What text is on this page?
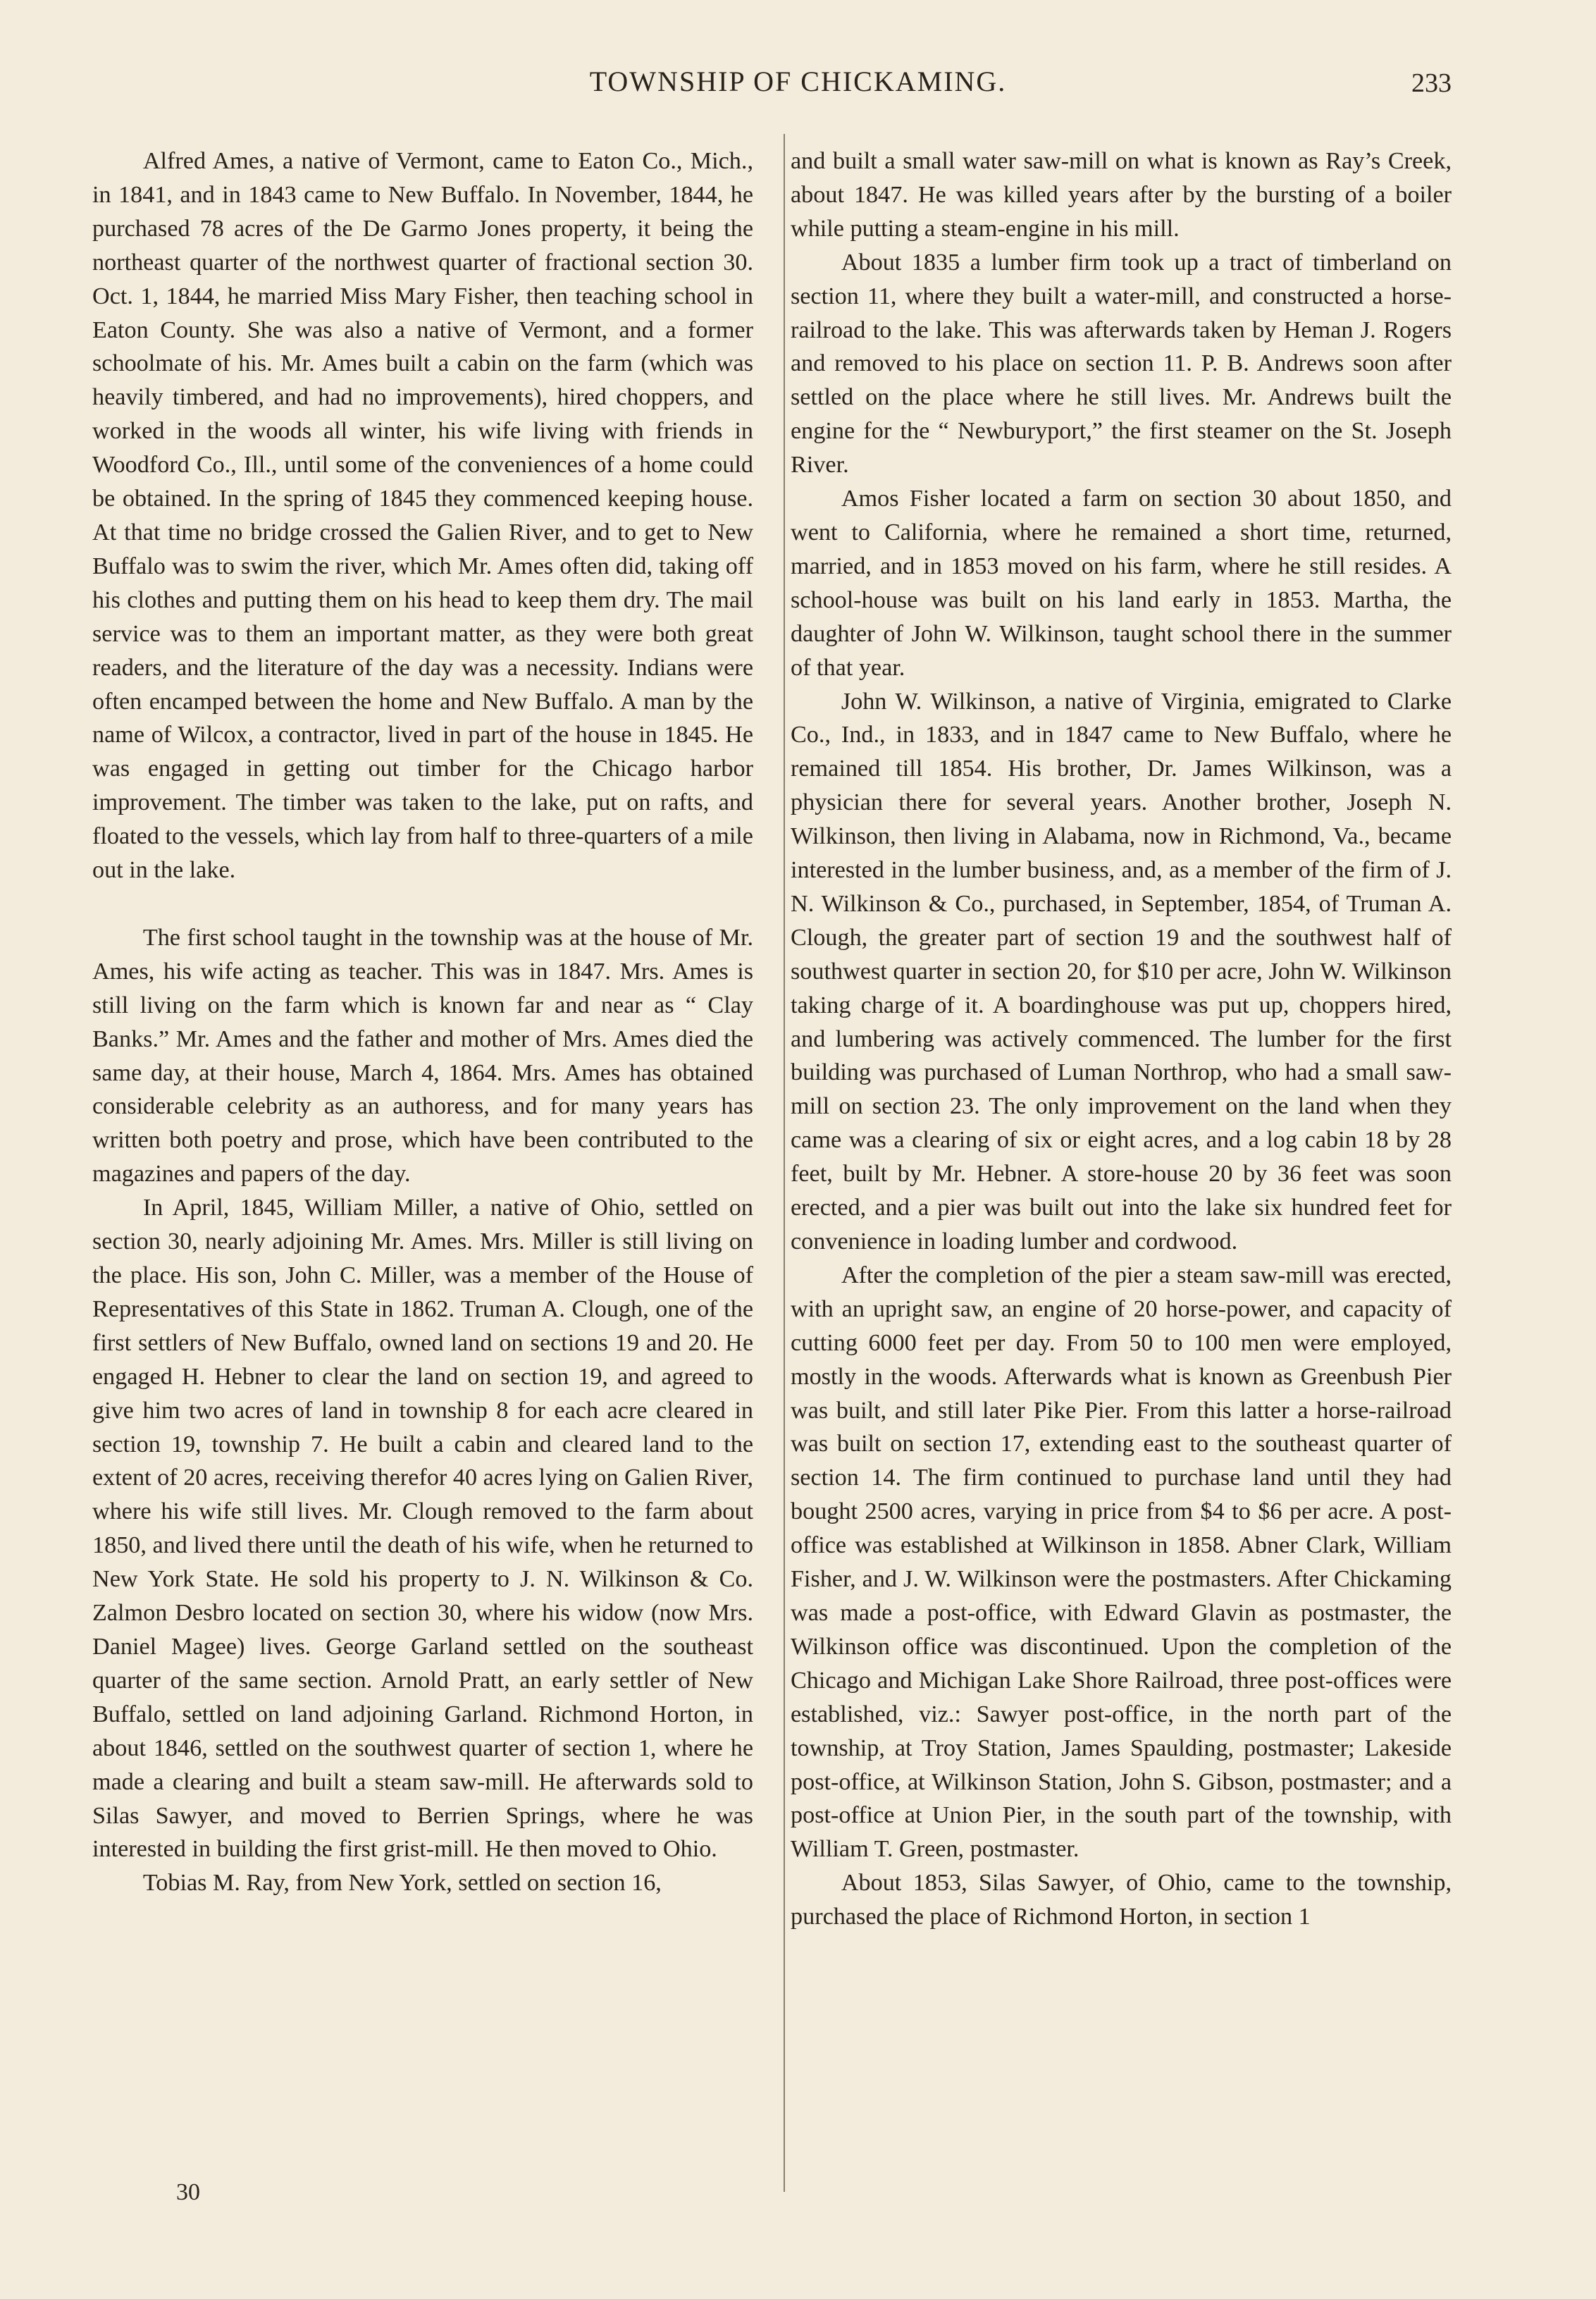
TOWNSHIP OF CHICKAMING.	233

Alfred Ames, a native of Vermont, came to Eaton Co., Mich., in 1841, and in 1843 came to New Buffalo. In November, 1844, he purchased 78 acres of the De Garmo Jones property, it being the northeast quarter of the northwest quarter of fractional section 30. Oct. 1, 1844, he married Miss Mary Fisher, then teaching school in Eaton County. She was also a native of Vermont, and a former schoolmate of his. Mr. Ames built a cabin on the farm (which was heavily timbered, and had no improvements), hired choppers, and worked in the woods all winter, his wife living with friends in Woodford Co., Ill., until some of the conveniences of a home could be obtained. In the spring of 1845 they commenced keeping house. At that time no bridge crossed the Galien River, and to get to New Buffalo was to swim the river, which Mr. Ames often did, taking off his clothes and putting them on his head to keep them dry. The mail service was to them an important matter, as they were both great readers, and the literature of the day was a necessity. Indians were often encamped between the home and New Buffalo. A man by the name of Wilcox, a contractor, lived in part of the house in 1845. He was engaged in getting out timber for the Chicago harbor improvement. The timber was taken to the lake, put on rafts, and floated to the vessels, which lay from half to three-quarters of a mile out in the lake.

The first school taught in the township was at the house of Mr. Ames, his wife acting as teacher. This was in 1847. Mrs. Ames is still living on the farm which is known far and near as “ Clay Banks.” Mr. Ames and the father and mother of Mrs. Ames died the same day, at their house, March 4, 1864. Mrs. Ames has obtained considerable celebrity as an authoress, and for many years has written both poetry and prose, which have been contributed to the magazines and papers of the day.

In April, 1845, William Miller, a native of Ohio, settled on section 30, nearly adjoining Mr. Ames. Mrs. Miller is still living on the place. His son, John C. Miller, was a member of the House of Representatives of this State in 1862. Truman A. Clough, one of the first settlers of New Buffalo, owned land on sections 19 and 20. He engaged H. Hebner to clear the land on section 19, and agreed to give him two acres of land in township 8 for each acre cleared in section 19, township 7. He built a cabin and cleared land to the extent of 20 acres, receiving therefor 40 acres lying on Galien River, where his wife still lives. Mr. Clough removed to the farm about 1850, and lived there until the death of his wife, when he returned to New York State. He sold his property to J. N. Wilkinson & Co. Zalmon Desbro located on section 30, where his widow (now Mrs. Daniel Magee) lives. George Garland settled on the southeast quarter of the same section. Arnold Pratt, an early settler of New Buffalo, settled on land adjoining Garland. Richmond Horton, in about 1846, settled on the southwest quarter of section 1, where he made a clearing and built a steam saw-mill. He afterwards sold to Silas Sawyer, and moved to Berrien Springs, where he was interested in building the first grist-mill. He then moved to Ohio.

Tobias M. Ray, from New York, settled on section 16,

30

and built a small water saw-mill on what is known as Ray’s Creek, about 1847. He was killed years after by the bursting of a boiler while putting a steam-engine in his mill.

About 1835 a lumber firm took up a tract of timberland on section 11, where they built a water-mill, and constructed a horse-railroad to the lake. This was afterwards taken by Heman J. Rogers and removed to his place on section 11. P. B. Andrews soon after settled on the place where he still lives. Mr. Andrews built the engine for the “ Newburyport,” the first steamer on the St. Joseph River.

Amos Fisher located a farm on section 30 about 1850, and went to California, where he remained a short time, returned, married, and in 1853 moved on his farm, where he still resides. A school-house was built on his land early in 1853. Martha, the daughter of John W. Wilkinson, taught school there in the summer of that year.

John W. Wilkinson, a native of Virginia, emigrated to Clarke Co., Ind., in 1833, and in 1847 came to New Buffalo, where he remained till 1854. His brother, Dr. James Wilkinson, was a physician there for several years. Another brother, Joseph N. Wilkinson, then living in Alabama, now in Richmond, Va., became interested in the lumber business, and, as a member of the firm of J. N. Wilkinson & Co., purchased, in September, 1854, of Truman A. Clough, the greater part of section 19 and the southwest half of southwest quarter in section 20, for $10 per acre, John W. Wilkinson taking charge of it. A boardinghouse was put up, choppers hired, and lumbering was actively commenced. The lumber for the first building was purchased of Luman Northrop, who had a small saw-mill on section 23. The only improvement on the land when they came was a clearing of six or eight acres, and a log cabin 18 by 28 feet, built by Mr. Hebner. A store-house 20 by 36 feet was soon erected, and a pier was built out into the lake six hundred feet for convenience in loading lumber and cordwood.

After the completion of the pier a steam saw-mill was erected, with an upright saw, an engine of 20 horse-power, and capacity of cutting 6000 feet per day. From 50 to 100 men were employed, mostly in the woods. Afterwards what is known as Greenbush Pier was built, and still later Pike Pier. From this latter a horse-railroad was built on section 17, extending east to the southeast quarter of section 14. The firm continued to purchase land until they had bought 2500 acres, varying in price from $4 to $6 per acre. A post-office was established at Wilkinson in 1858. Abner Clark, William Fisher, and J. W. Wilkinson were the postmasters. After Chickaming was made a post-office, with Edward Glavin as postmaster, the Wilkinson office was discontinued. Upon the completion of the Chicago and Michigan Lake Shore Railroad, three post-offices were established, viz.: Sawyer post-office, in the north part of the township, at Troy Station, James Spaulding, postmaster; Lakeside post-office, at Wilkinson Station, John S. Gibson, postmaster; and a post-office at Union Pier, in the south part of the township, with William T. Green, postmaster.

About 1853, Silas Sawyer, of Ohio, came to the township, purchased the place of Richmond Horton, in section 1
